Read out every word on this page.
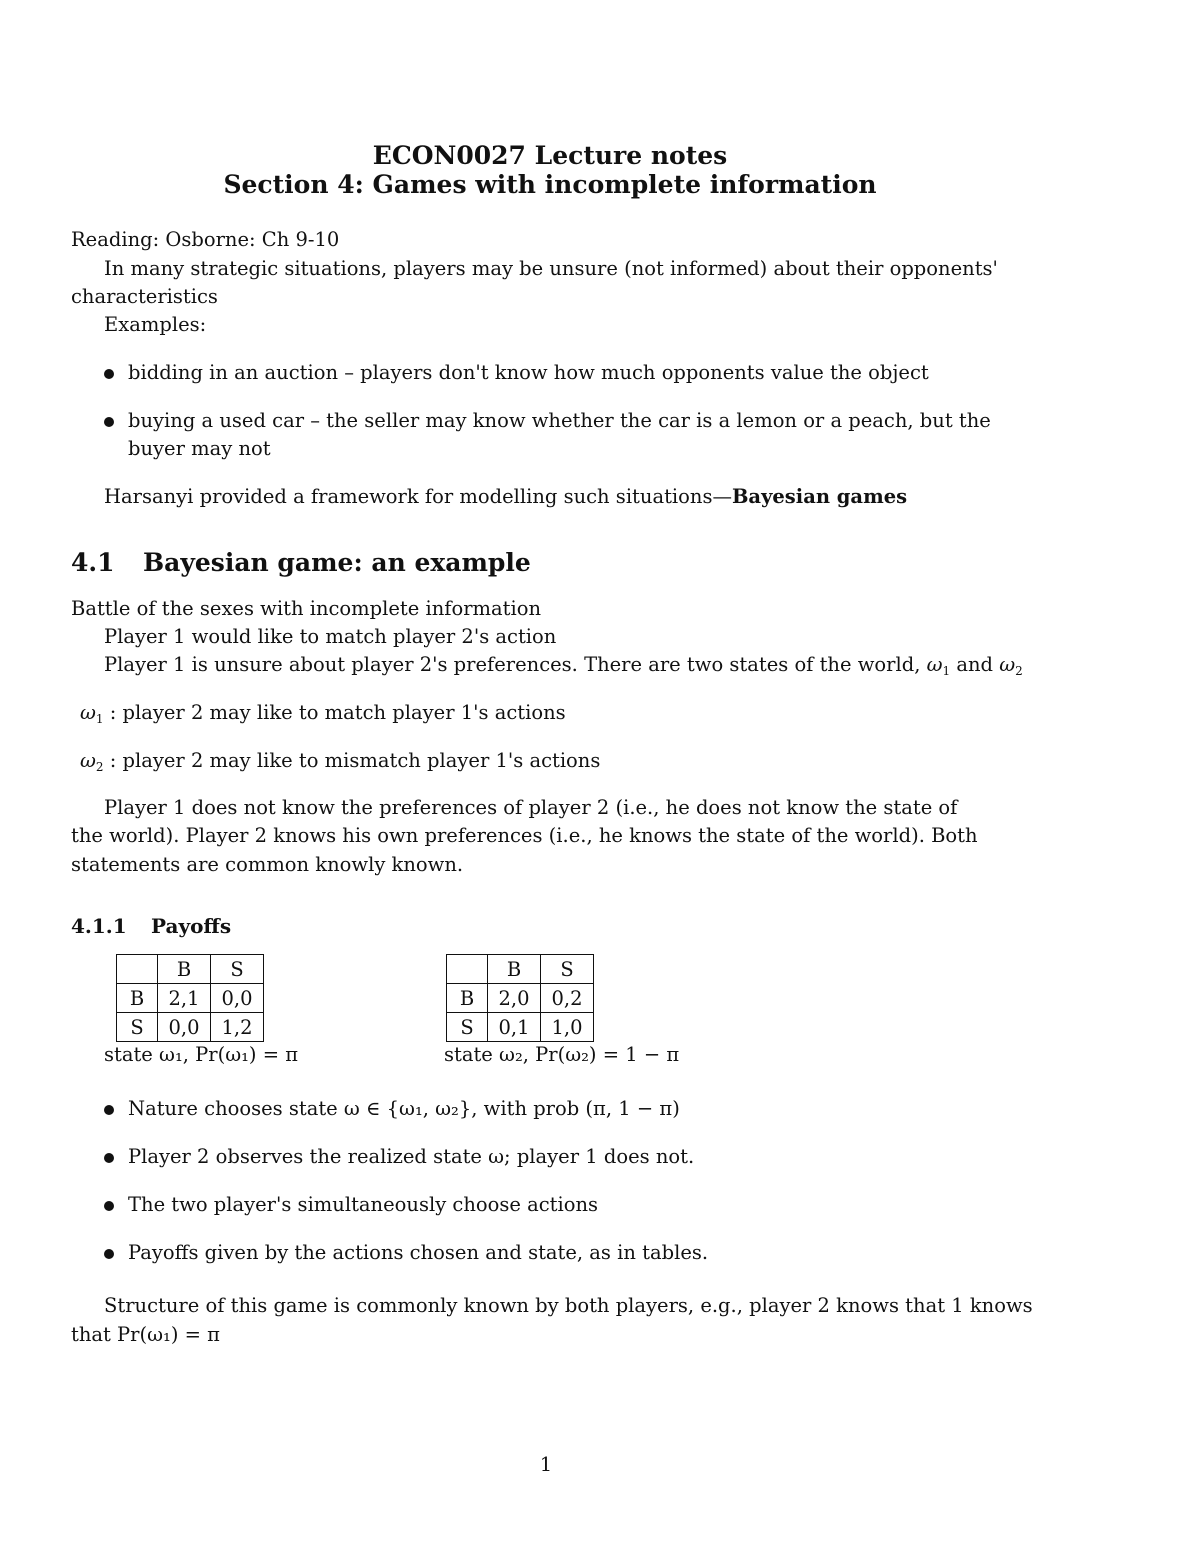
ECON0027 Lecture notes
Section 4: Games with incomplete information
Reading: Osborne: Ch 9-10
In many strategic situations, players may be unsure (not informed) about their opponents'
characteristics
Examples:
bidding in an auction – players don't know how much opponents value the object
buying a used car – the seller may know whether the car is a lemon or a peach, but the
buyer may not
Harsanyi provided a framework for modelling such situations—Bayesian games
4.1 Bayesian game: an example
Battle of the sexes with incomplete information
Player 1 would like to match player 2's action
Player 1 is unsure about player 2's preferences. There are two states of the world, $\omega_1$ and $\omega_2$
$\omega_1$ : player 2 may like to match player 1's actions
$\omega_2$ : player 2 may like to mismatch player 1's actions
Player 1 does not know the preferences of player 2 (i.e., he does not know the state of
the world). Player 2 knows his own preferences (i.e., he knows the state of the world). Both
statements are common knowly known.
4.1.1 Payoffs
	B	S
B	2,1	0,0
S	0,0	1,2
state ω₁, Pr(ω₁) = π
	B	S
B	2,0	0,2
S	0,1	1,0
state ω₂, Pr(ω₂) = 1 − π
Nature chooses state ω ∈ {ω₁, ω₂}, with prob (π, 1 − π)
Player 2 observes the realized state ω; player 1 does not.
The two player's simultaneously choose actions
Payoffs given by the actions chosen and state, as in tables.
Structure of this game is commonly known by both players, e.g., player 2 knows that 1 knows
that Pr(ω₁) = π
1
